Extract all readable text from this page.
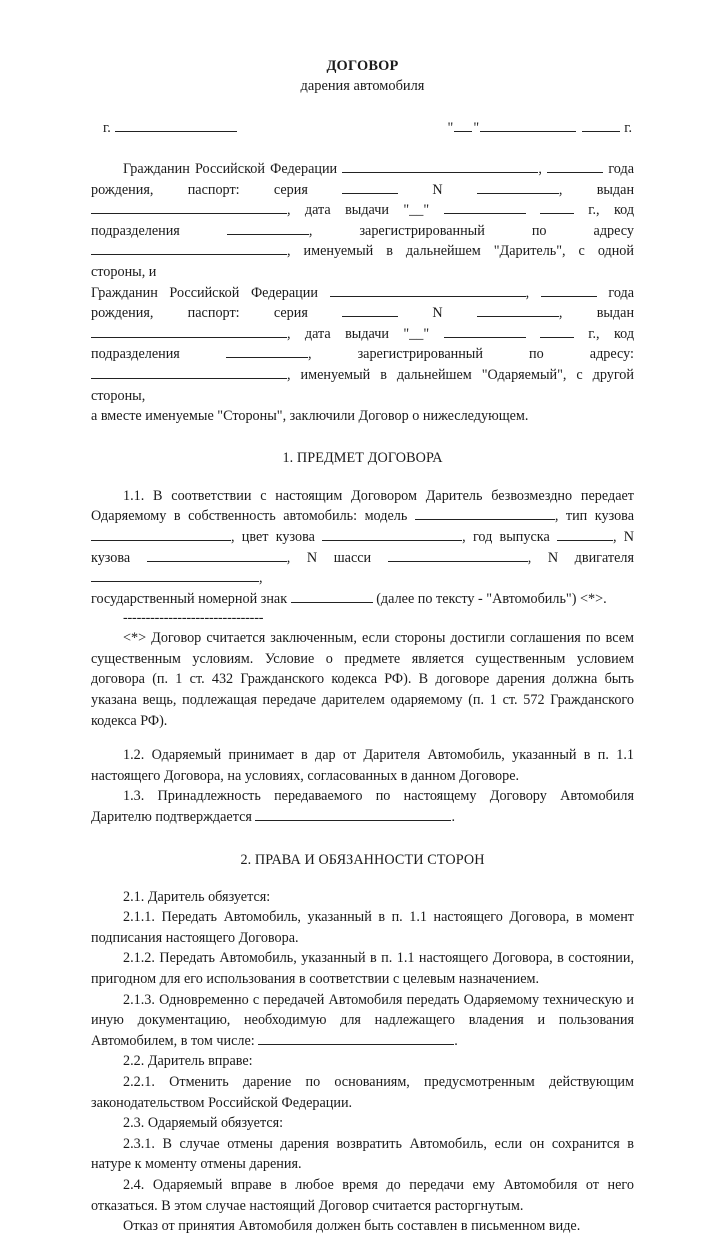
ДОГОВОР
дарения автомобиля
г.	" "	г.

Гражданин Российской Федерации	,	года рождения, паспорт: серия	N	, выдан , дата выдачи "__"	г., код подразделения	, зарегистрированный по адресу , именуемый в дальнейшем "Даритель", с одной стороны, и

Гражданин Российской Федерации	,	года рождения, паспорт: серия	N	, выдан , дата выдачи "__"	г., код подразделения	, зарегистрированный по адресу: , именуемый в дальнейшем "Одаряемый", с другой стороны,

а вместе именуемые "Стороны", заключили Договор о нижеследующем.

1. ПРЕДМЕТ ДОГОВОРА

1.1. В соответствии с настоящим Договором Даритель безвозмездно передает Одаряемому в собственность автомобиль: модель	, тип кузова , цвет кузова	, год выпуска	, N кузова	, N шасси	, N двигателя ,

государственный номерной знак	(далее по тексту - "Автомобиль") <*>.

-------------------------------

<*> Договор считается заключенным, если стороны достигли соглашения по всем существенным условиям. Условие о предмете является существенным условием договора (п. 1 ст. 432 Гражданского кодекса РФ). В договоре дарения должна быть указана вещь, подлежащая передаче дарителем одаряемому (п. 1 ст. 572 Гражданского кодекса РФ).

1.2. Одаряемый принимает в дар от Дарителя Автомобиль, указанный в п. 1.1 настоящего Договора, на условиях, согласованных в данном Договоре.

1.3. Принадлежность передаваемого по настоящему Договору Автомобиля Дарителю подтверждается	.

2. ПРАВА И ОБЯЗАННОСТИ СТОРОН

2.1. Даритель обязуется:

2.1.1. Передать Автомобиль, указанный в п. 1.1 настоящего Договора, в момент подписания настоящего Договора.

2.1.2. Передать Автомобиль, указанный в п. 1.1 настоящего Договора, в состоянии, пригодном для его использования в соответствии с целевым назначением.

2.1.3. Одновременно с передачей Автомобиля передать Одаряемому техническую и иную документацию, необходимую для надлежащего владения и пользования Автомобилем, в том числе:	.

2.2. Даритель вправе:

2.2.1. Отменить дарение по основаниям, предусмотренным действующим законодательством Российской Федерации.

2.3. Одаряемый обязуется:

2.3.1. В случае отмены дарения возвратить Автомобиль, если он сохранится в натуре к моменту отмены дарения.

2.4. Одаряемый вправе в любое время до передачи ему Автомобиля от него отказаться. В этом случае настоящий Договор считается расторгнутым.

Отказ от принятия Автомобиля должен быть составлен в письменном виде.
